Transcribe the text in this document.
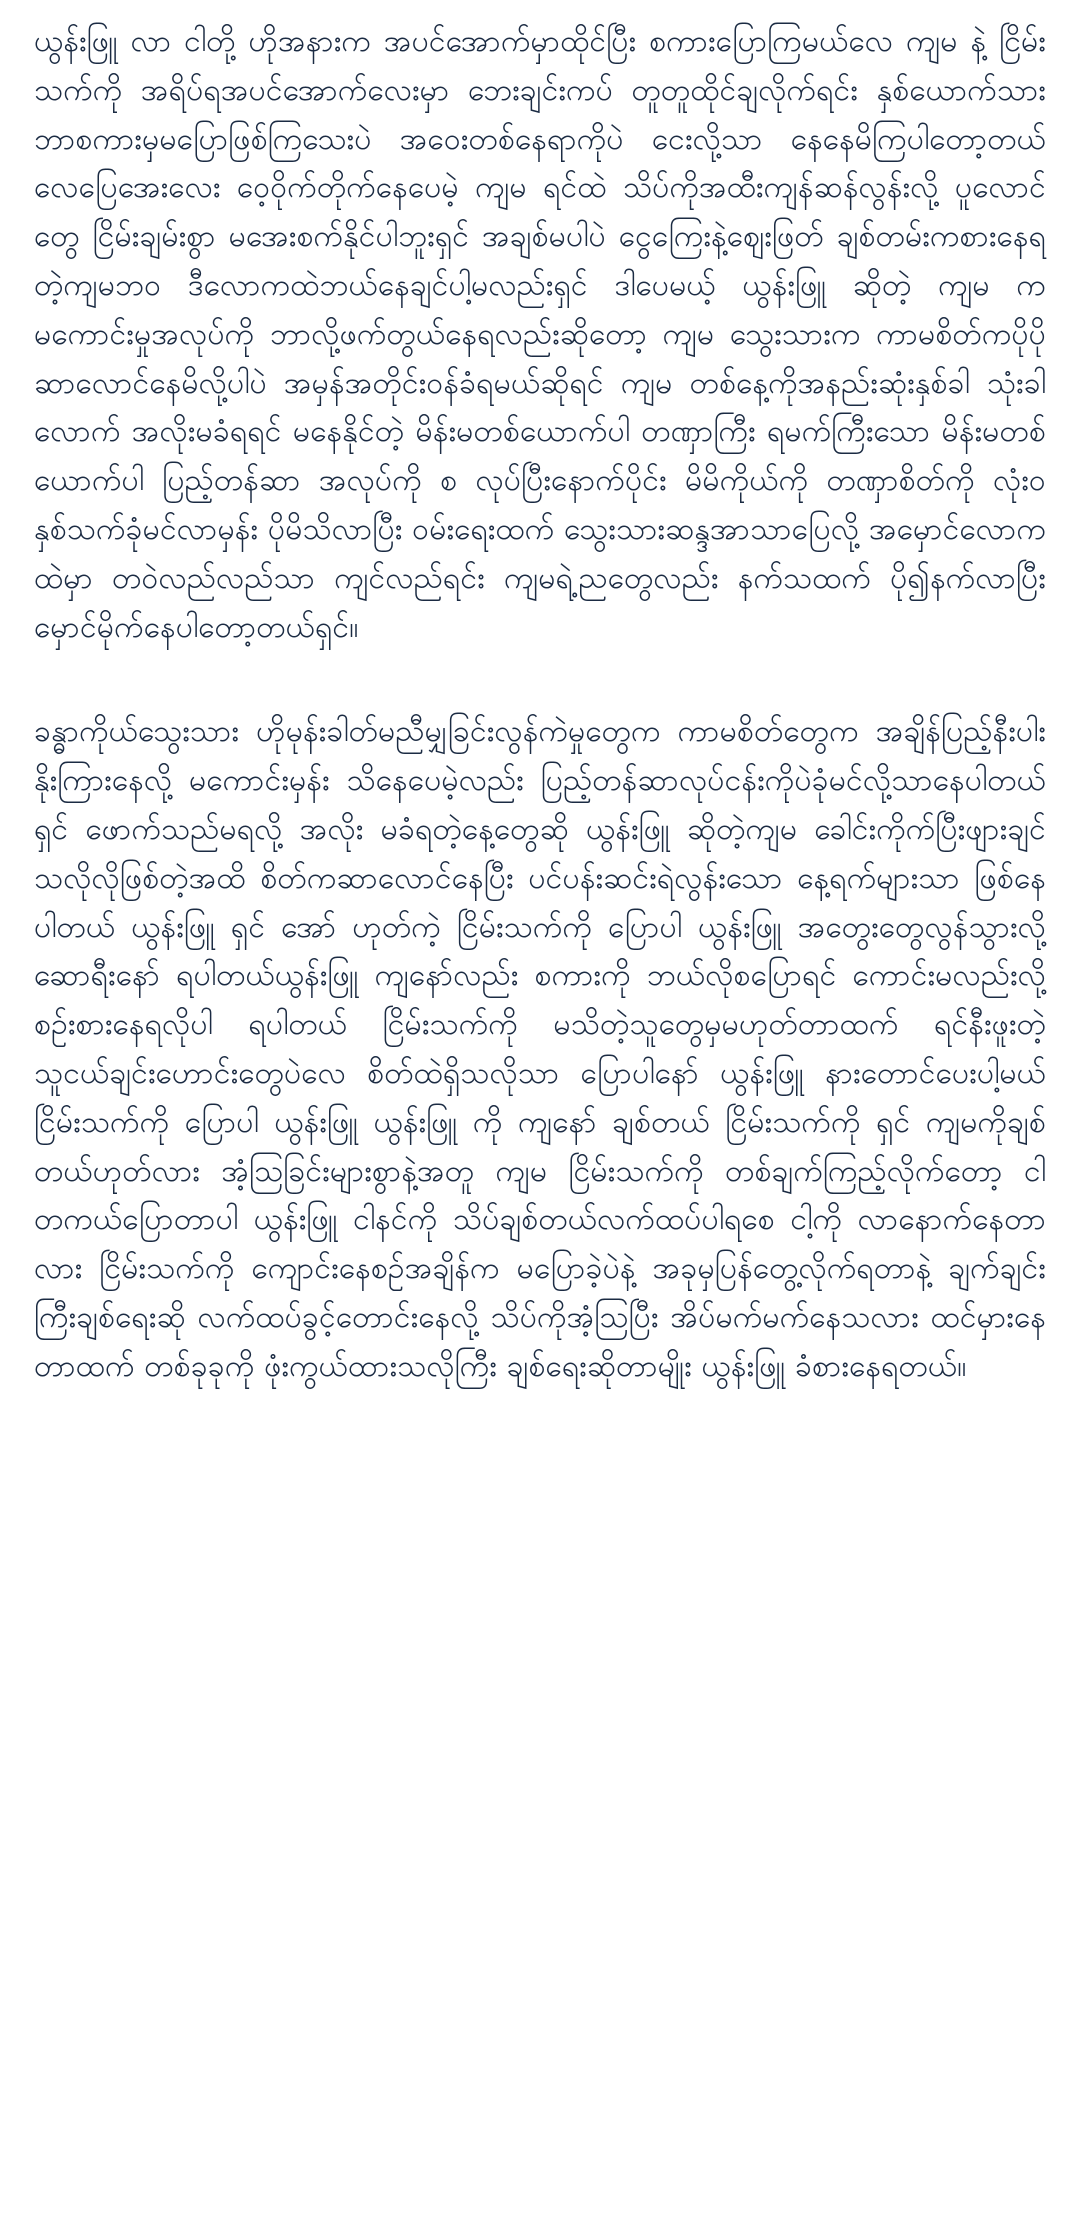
ယွန်းဖြူ လာ ငါတို့ ဟိုအနားက အပင်အောက်မှာထိုင်ပြီး စကားပြောကြမယ်လေ ကျမ နဲ့ ငြိမ်းသက်ကို အရိပ်ရအပင်အောက်လေးမှာ ဘေးချင်းကပ် တူတူထိုင်ချလိုက်ရင်း နှစ်ယောက်သား ဘာစကားမှမပြောဖြစ်ကြသေးပဲ အဝေးတစ်နေရာကိုပဲ ငေးလို့သာ နေနေမိကြပါတော့တယ်လေပြေအေးလေး ဝေ့ဝိုက်တိုက်နေပေမဲ့ ကျမ ရင်ထဲ သိပ်ကိုအထီးကျန်ဆန်လွန်းလို့ ပူလောင်တွေ ငြိမ်းချမ်းစွာ မအေးစက်နိုင်ပါဘူးရှင် အချစ်မပါပဲ ငွေကြေးနဲ့ဈေးဖြတ် ချစ်တမ်းကစားနေရတဲ့ကျမဘဝ ဒီလောကထဲဘယ်နေချင်ပါ့မလည်းရှင် ဒါပေမယ့် ယွန်းဖြူ ဆိုတဲ့ ကျမ က မကောင်းမှုအလုပ်ကို ဘာလို့ဖက်တွယ်နေရလည်းဆိုတော့ ကျမ သွေးသားက ကာမစိတ်ကပိုပို ဆာလောင်နေမိလို့ပါပဲ အမှန်အတိုင်းဝန်ခံရမယ်ဆိုရင် ကျမ တစ်နေ့ကိုအနည်းဆုံးနှစ်ခါ သုံးခါလောက် အလိုးမခံရရင် မနေနိုင်တဲ့ မိန်းမတစ်ယောက်ပါ တဏှာကြီး ရမက်ကြီးသော မိန်းမတစ်ယောက်ပါ ပြည့်တန်ဆာ အလုပ်ကို စ လုပ်ပြီးနောက်ပိုင်း မိမိကိုယ်ကို တဏှာစိတ်ကို လုံး၀ နှစ်သက်ခုံမင်လာမှန်း ပိုမိသိလာပြီး ဝမ်းရေးထက် သွေးသားဆန္ဒအာသာပြေလို့ အမှောင်လောကထဲမှာ တဝဲလည်လည်သာ ကျင်လည်ရင်း ကျမရဲ့ညတွေလည်း နက်သထက် ပို၍နက်လာပြီး မှောင်မိုက်နေပါတော့တယ်ရှင်။

ခန္ဓာကိုယ်သွေးသား ဟိုမုန်းခါတ်မညီမျှခြင်းလွန်ကဲမှုတွေက ကာမစိတ်တွေက အချိန်ပြည့်နီးပါး နိုးကြားနေလို့ မကောင်းမှန်း သိနေပေမဲ့လည်း ပြည့်တန်ဆာလုပ်ငန်းကိုပဲခုံမင်လို့သာနေပါတယ်ရှင် ဖောက်သည်မရလို့ အလိုး မခံရတဲ့နေ့တွေဆို ယွန်းဖြူ ဆိုတဲ့ကျမ ခေါင်းကိုက်ပြီးဖျားချင်သလိုလိုဖြစ်တဲ့အထိ စိတ်ကဆာလောင်နေပြီး ပင်ပန်းဆင်းရဲလွန်းသော နေ့ရက်များသာ ဖြစ်နေပါတယ် ယွန်းဖြူ ရှင် အော် ဟုတ်ကဲ့ ငြိမ်းသက်ကို ပြောပါ ယွန်းဖြူ အတွေးတွေလွန်သွားလို့ဆောရီးနော် ရပါတယ်ယွန်းဖြူ ကျနော်လည်း စကားကို ဘယ်လိုစပြောရင် ကောင်းမလည်းလို့စဉ်းစားနေရလိုပါ ရပါတယ် ငြိမ်းသက်ကို မသိတဲ့သူတွေမှမဟုတ်တာထက် ရင်နီးဖူးတဲ့ သူငယ်ချင်းဟောင်းတွေပဲလေ စိတ်ထဲရှိသလိုသာ ပြောပါနော် ယွန်းဖြူ နားတောင်ပေးပါ့မယ် ငြိမ်းသက်ကို ပြောပါ ယွန်းဖြူ ယွန်းဖြူ ကို ကျနော် ချစ်တယ် ငြိမ်းသက်ကို ရှင် ကျမကိုချစ်တယ်ဟုတ်လား အံ့သြခြင်းများစွာနဲ့အတူ ကျမ ငြိမ်းသက်ကို တစ်ချက်ကြည့်လိုက်တော့ ငါတကယ်ပြောတာပါ ယွန်းဖြူ ငါနင်ကို သိပ်ချစ်တယ်လက်ထပ်ပါရစေ ငါ့ကို လာနောက်နေတာလား ငြိမ်းသက်ကို ကျောင်းနေစဉ်အချိန်က မပြောခဲ့ပဲနဲ့ အခုမှပြန်တွေ့လိုက်ရတာနဲ့ ချက်ချင်းကြီးချစ်ရေးဆို လက်ထပ်ခွင့်တောင်းနေလို့ သိပ်ကိုအံ့သြပြီး အိပ်မက်မက်နေသလား ထင်မှားနေတာထက် တစ်ခုခုကို ဖုံးကွယ်ထားသလိုကြီး ချစ်ရေးဆိုတာမျိုး ယွန်းဖြူ ခံစားနေရတယ်။
